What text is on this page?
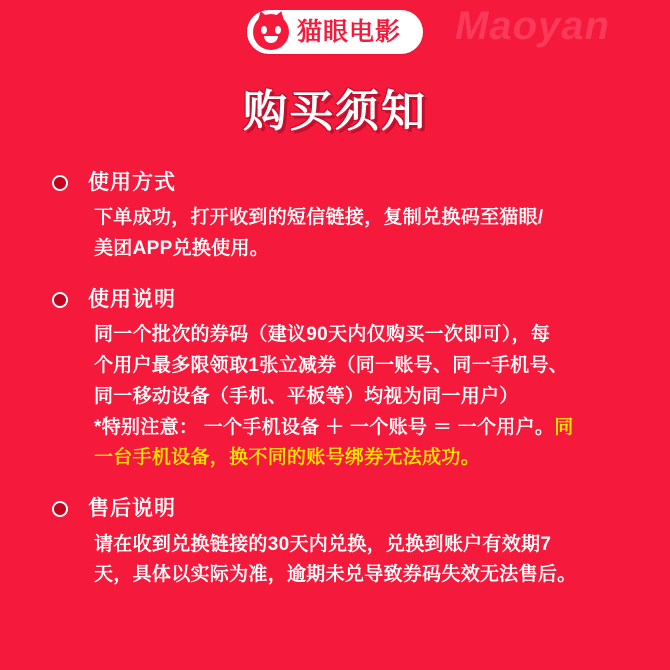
Maoyan
猫眼电影
购买须知
使用方式

下单成功，打开收到的短信链接，复制兑换码至猫眼/

美团APP兑换使用。

使用说明

同一个批次的券码（建议90天内仅购买一次即可），每

个用户最多限领取1张立减券（同一账号、同一手机号、

同一移动设备（手机、平板等）均视为同一用户）

*特别注意： 一个手机设备 ＋ 一个账号 ＝ 一个用户。同

一台手机设备，换不同的账号绑券无法成功。

售后说明

请在收到兑换链接的30天内兑换，兑换到账户有效期7

天，具体以实际为准，逾期未兑导致券码失效无法售后。
